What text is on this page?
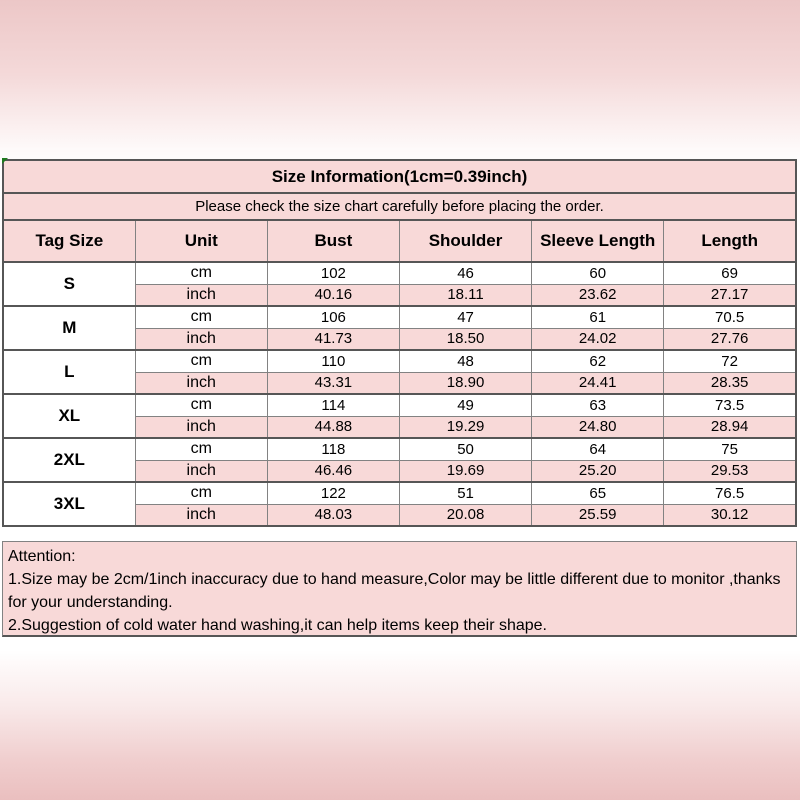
Size Information(1cm=0.39inch)					
Please check the size chart carefully before placing the order.					
Tag Size	Unit	Bust	Shoulder	Sleeve Length	Length
S	cm	102	46	60	69
	inch	40.16	18.11	23.62	27.17
M	cm	106	47	61	70.5
	inch	41.73	18.50	24.02	27.76
L	cm	110	48	62	72
	inch	43.31	18.90	24.41	28.35
XL	cm	114	49	63	73.5
	inch	44.88	19.29	24.80	28.94
2XL	cm	118	50	64	75
	inch	46.46	19.69	25.20	29.53
3XL	cm	122	51	65	76.5
	inch	48.03	20.08	25.59	30.12
Attention:
1.Size may be 2cm/1inch inaccuracy due to hand measure,Color may be little different due to monitor ,thanks for your understanding.
2.Suggestion of cold water hand washing,it can help items keep their shape.
